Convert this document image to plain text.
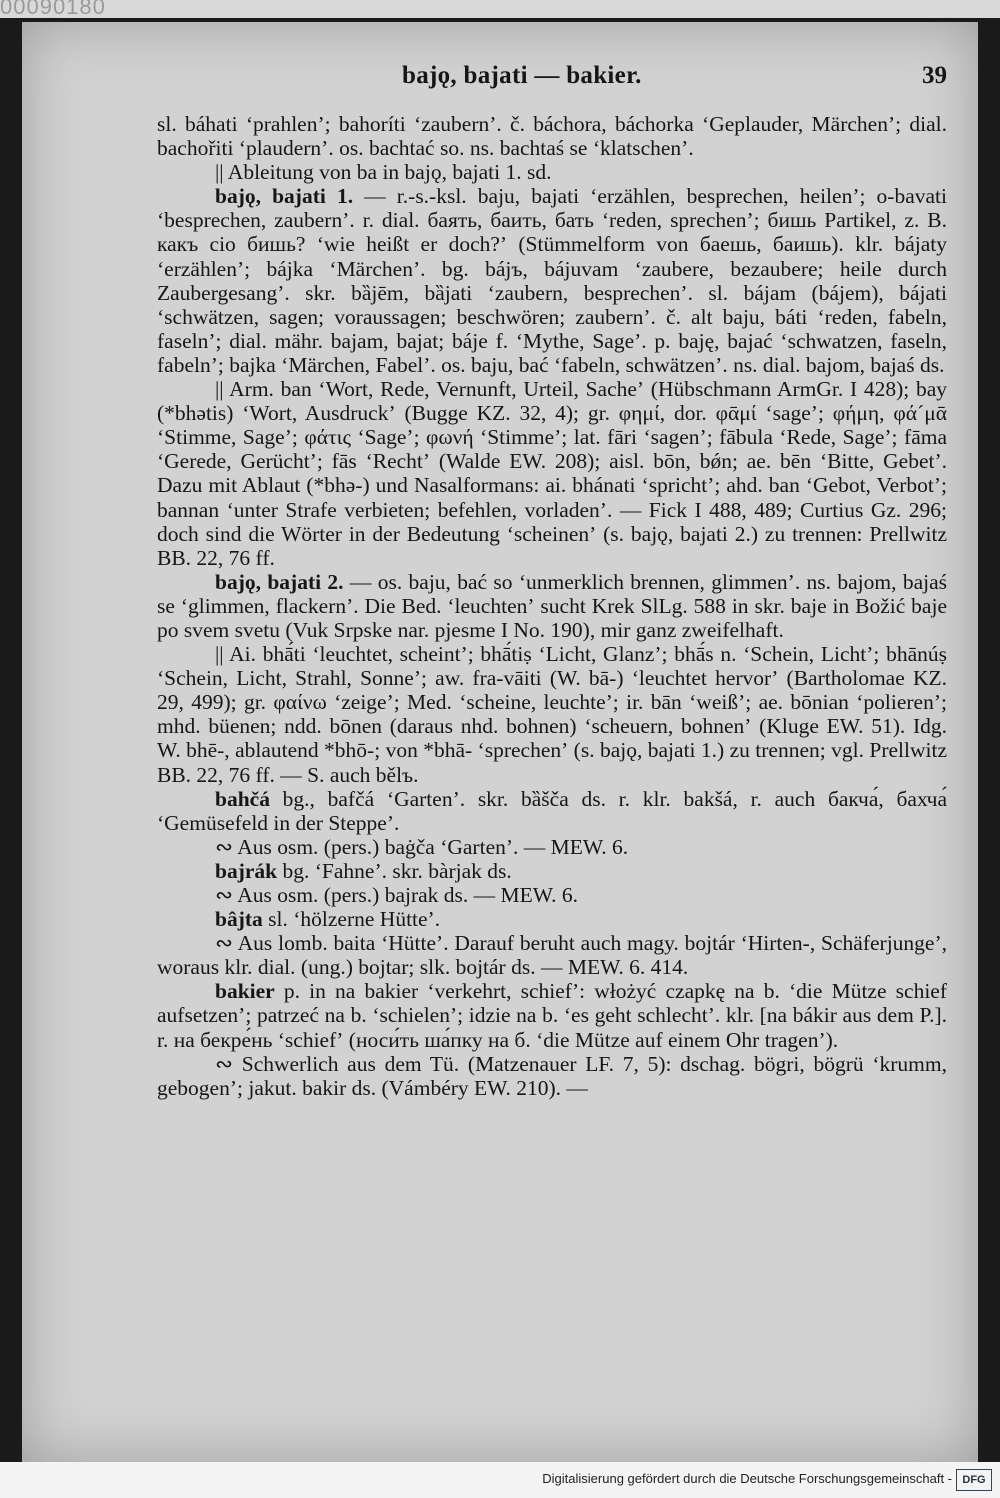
00090180
bajǫ, bajati — bakier.	39

sl. báhati ʻprahlenʼ; bahoríti ʻzaubernʼ. č. báchora, báchorka ʻGeplauder, Märchenʼ; dial. bachořiti ʻplaudernʼ. os. bachtać so. ns. bachtaś se ʻklatschenʼ.

|| Ableitung von ba in bajǫ, bajati 1. sd.

bajǫ, bajati 1. — r.-s.-ksl. baju, bajati ʻerzählen, besprechen, heilenʼ; o-bavati ʻbesprechen, zaubernʼ. r. dial. баять, баить, бать ʻreden, sprechenʼ; бишь Partikel, z. B. какъ сіо бишь? ʻwie heißt er doch?ʼ (Stümmelform von баешь, баишь). klr. bájaty ʻerzählenʼ; bájka ʻMärchenʼ. bg. bájъ, bájuvam ʻzaubere, bezaubere; heile durch Zaubergesangʼ. skr. bȁjēm, bȁjati ʻzaubern, besprechenʼ. sl. bájam (bájem), bájati ʻschwätzen, sagen; voraussagen; beschwören; zaubernʼ. č. alt baju, báti ʻreden, fabeln, faselnʼ; dial. mähr. bajam, bajat; báje f. ʻMythe, Sageʼ. p. baję, bajać ʻschwatzen, faseln, fabelnʼ; bajka ʻMärchen, Fabelʼ. os. baju, bać ʻfabeln, schwätzenʼ. ns. dial. bajom, bajaś ds.

|| Arm. ban ʻWort, Rede, Vernunft, Urteil, Sacheʼ (Hübschmann ArmGr. I 428); bay (*bhətis) ʻWort, Ausdruckʼ (Bugge KZ. 32, 4); gr. φημί, dor. φᾱμί ʻsageʼ; φήμη, φά´μᾱ ʻStimme, Sageʼ; φάτις ʻSageʼ; φωνή ʻStimmeʼ; lat. fāri ʻsagenʼ; fābula ʻRede, Sageʼ; fāma ʻGerede, Gerüchtʼ; fās ʻRechtʼ (Walde EW. 208); aisl. bōn, bǿn; ae. bēn ʻBitte, Gebetʼ. Dazu mit Ablaut (*bhə-) und Nasalformans: ai. bhánati ʻsprichtʼ; ahd. ban ʻGebot, Verbotʼ; bannan ʻunter Strafe verbieten; befehlen, vorladenʼ. — Fick I 488, 489; Curtius Gz. 296; doch sind die Wörter in der Bedeutung ʻscheinenʼ (s. bajǫ, bajati 2.) zu trennen: Prellwitz BB. 22, 76 ff.

bajǫ, bajati 2. — os. baju, bać so ʻunmerklich brennen, glimmenʼ. ns. bajom, bajaś se ʻglimmen, flackernʼ. Die Bed. ʻleuchtenʼ sucht Krek SlLg. 588 in skr. baje in Božić baje po svem svetu (Vuk Srpske nar. pjesme I No. 190), mir ganz zweifelhaft.

|| Ai. bhā́ti ʻleuchtet, scheintʼ; bhā́tiṣ ʻLicht, Glanzʼ; bhā́s n. ʻSchein, Lichtʼ; bhānúṣ ʻSchein, Licht, Strahl, Sonneʼ; aw. fra-vāiti (W. bā-) ʻleuchtet hervorʼ (Bartholomae KZ. 29, 499); gr. φαίνω ʻzeigeʼ; Med. ʻscheine, leuchteʼ; ir. bān ʻweißʼ; ae. bōnian ʻpolierenʼ; mhd. büenen; ndd. bōnen (daraus nhd. bohnen) ʻscheuern, bohnenʼ (Kluge EW. 51). Idg. W. bhē-, ablautend *bhō-; von *bhā- ʻsprechenʼ (s. bajǫ, bajati 1.) zu trennen; vgl. Prellwitz BB. 22, 76 ff. — S. auch bělъ.

bahčá bg., bafčá ʻGartenʼ. skr. bȁšča ds. r. klr. bakšá, r. auch бакча́, бахча́ ʻGemüsefeld in der Steppeʼ.

∾ Aus osm. (pers.) baġča ʻGartenʼ. — MEW. 6.

bajrák bg. ʻFahneʼ. skr. bàrjak ds.

∾ Aus osm. (pers.) bajrak ds. — MEW. 6.

bâjta sl. ʻhölzerne Hütteʼ.

∾ Aus lomb. baita ʻHütteʼ. Darauf beruht auch magy. bojtár ʻHirten-, Schäferjungeʼ, woraus klr. dial. (ung.) bojtar; slk. bojtár ds. — MEW. 6. 414.

bakier p. in na bakier ʻverkehrt, schiefʼ: włożyć czapkę na b. ʻdie Mütze schief aufsetzenʼ; patrzeć na b. ʻschielenʼ; idzie na b. ʻes geht schlechtʼ. klr. [na bákir aus dem P.]. r. на бекре́нь ʻschiefʼ (носи́ть ша́пку на б. ʻdie Mütze auf einem Ohr tragenʼ).

∾ Schwerlich aus dem Tü. (Matzenauer LF. 7, 5): dschag. bögri, bögrü ʻkrumm, gebogenʼ; jakut. bakir ds. (Vámbéry EW. 210). —

Digitalisierung gefördert durch die Deutsche Forschungsgemeinschaft - DFG
